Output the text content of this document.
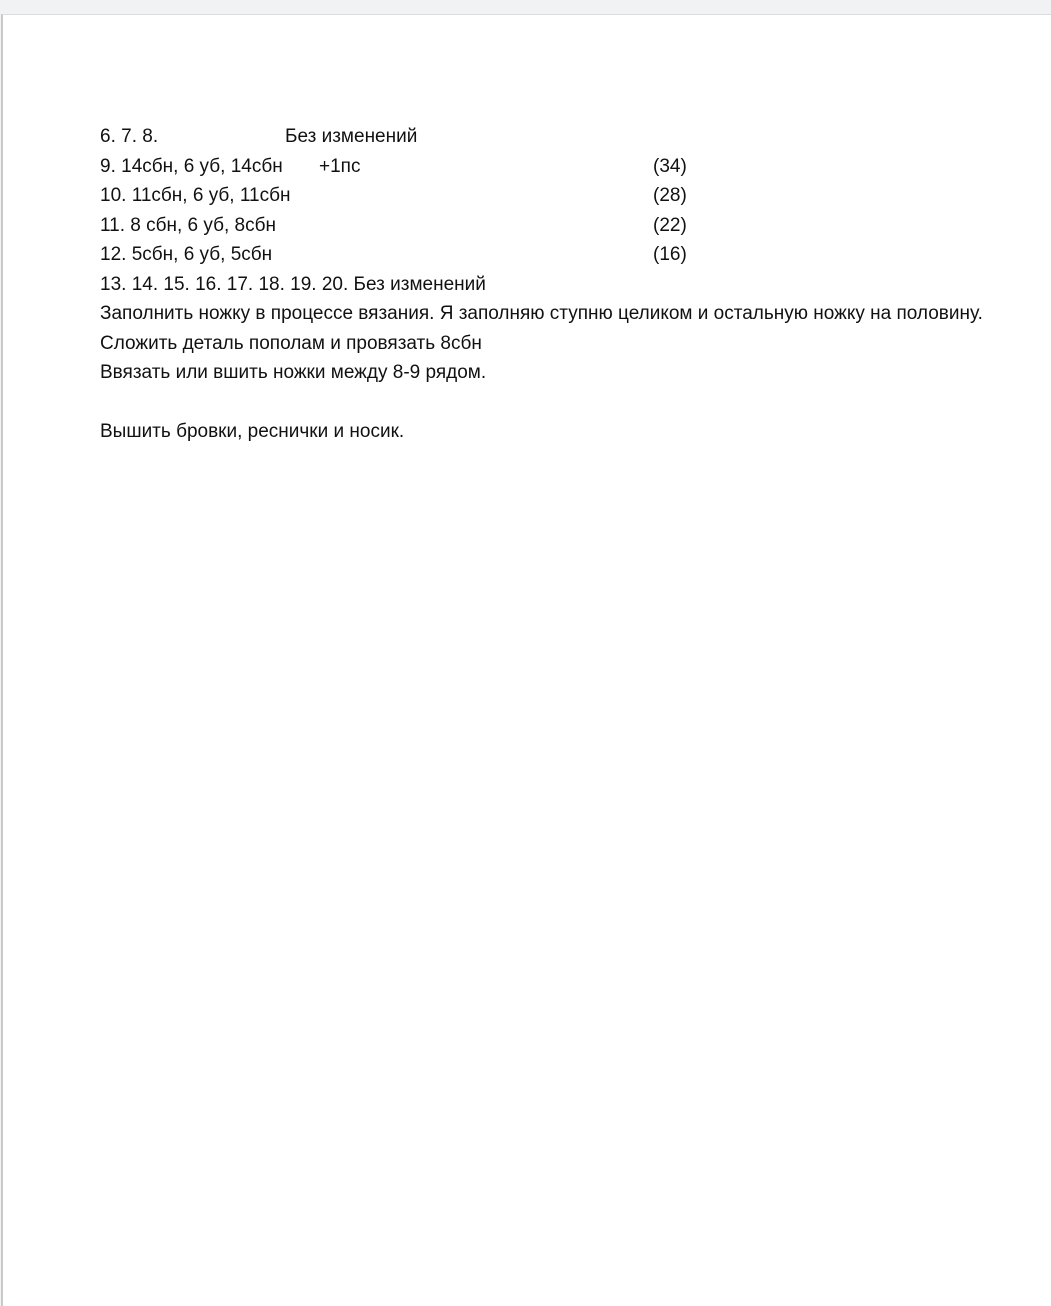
6. 7. 8.	Без изменений
9. 14сбн, 6 уб, 14сбн +1пс	(34)
10. 11сбн, 6 уб, 11сбн	(28)
11. 8 сбн, 6 уб, 8сбн	(22)
12. 5сбн, 6 уб, 5сбн	(16)
13. 14. 15. 16. 17. 18. 19. 20. Без изменений
Заполнить ножку в процессе вязания. Я заполняю ступню целиком и остальную ножку на половину.
Сложить деталь пополам и провязать 8сбн
Ввязать или вшить ножки между 8-9 рядом.
Вышить бровки, реснички и носик.
